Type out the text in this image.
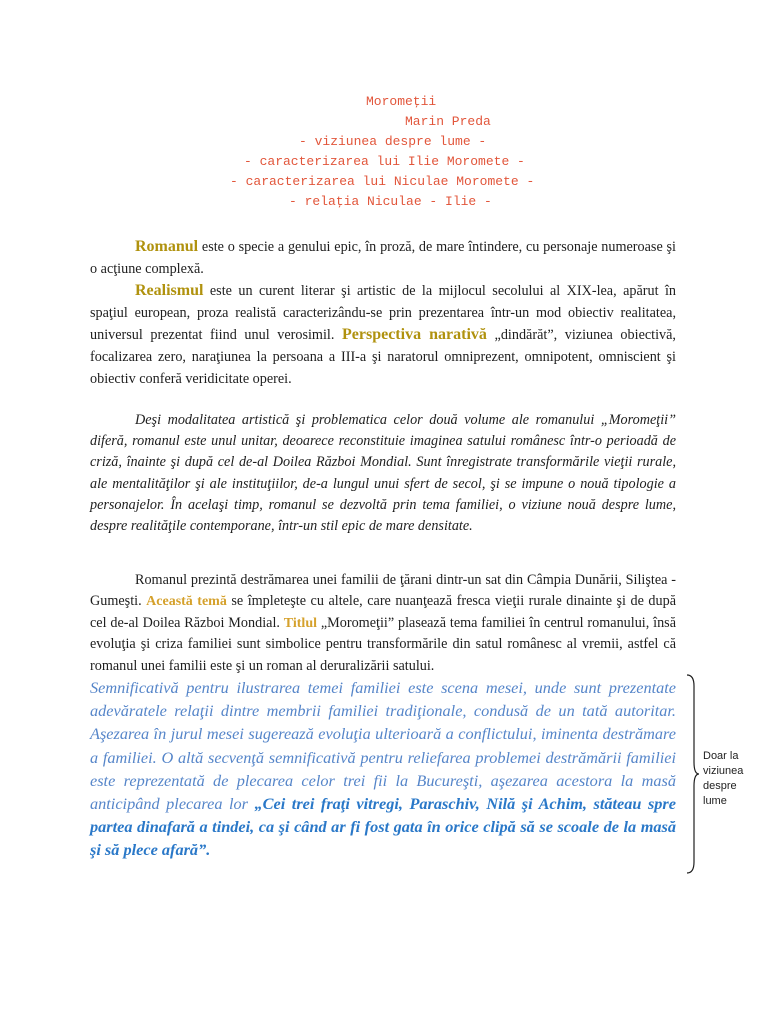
Moromeţii
Marin Preda
- viziunea despre lume -
- caracterizarea lui Ilie Moromete -
- caracterizarea lui Niculae Moromete -
- relaţia Niculae - Ilie -

Romanul este o specie a genului epic, în proză, de mare întindere, cu personaje numeroase şi o acţiune complexă.

Realismul este un curent literar şi artistic de la mijlocul secolului al XIX-lea, apărut în spaţiul european, proza realistă caracterizându-se prin prezentarea într-un mod obiectiv realitatea, universul prezentat fiind unul verosimil. Perspectiva narativă „dindărăt”, viziunea obiectivă, focalizarea zero, naraţiunea la persoana a III-a şi naratorul omniprezent, omnipotent, omniscient şi obiectiv conferă veridicitate operei.

Deşi modalitatea artistică şi problematica celor două volume ale romanului „Moromeţii” diferă, romanul este unul unitar, deoarece reconstituie imaginea satului românesc într-o perioadă de criză, înainte şi după cel de-al Doilea Război Mondial. Sunt înregistrate transformările vieţii rurale, ale mentalităţilor şi ale instituţiilor, de-a lungul unui sfert de secol, şi se impune o nouă tipologie a personajelor. În acelaşi timp, romanul se dezvoltă prin tema familiei, o viziune nouă despre lume, despre realităţile contemporane, într-un stil epic de mare densitate.

Romanul prezintă destrămarea unei familii de ţărani dintr-un sat din Câmpia Dunării, Siliştea - Gumeşti. Această temă se împleteşte cu altele, care nuanţează fresca vieţii rurale dinainte şi de după cel de-al Doilea Război Mondial. Titlul „Moromeţii” plasează tema familiei în centrul romanului, însă evoluţia şi criza familiei sunt simbolice pentru transformările din satul românesc al vremii, astfel că romanul unei familii este şi un roman al deruralizării satului.

Semnificativă pentru ilustrarea temei familiei este scena mesei, unde sunt prezentate adevăratele relaţii dintre membrii familiei tradiţionale, condusă de un tată autoritar. Aşezarea în jurul mesei sugerează evoluţia ulterioară a conflictului, iminenta destrămare a familiei. O altă secvenţă semnificativă pentru reliefarea problemei destrămării familiei este reprezentată de plecarea celor trei fii la Bucureşti, aşezarea acestora la masă anticipând plecarea lor „Cei trei fraţi vitregi, Paraschiv, Nilă şi Achim, stăteau spre partea dinafară a tindei, ca şi când ar fi fost gata în orice clipă să se scoale de la masă şi să plece afară”.

Doar la viziunea despre lume
